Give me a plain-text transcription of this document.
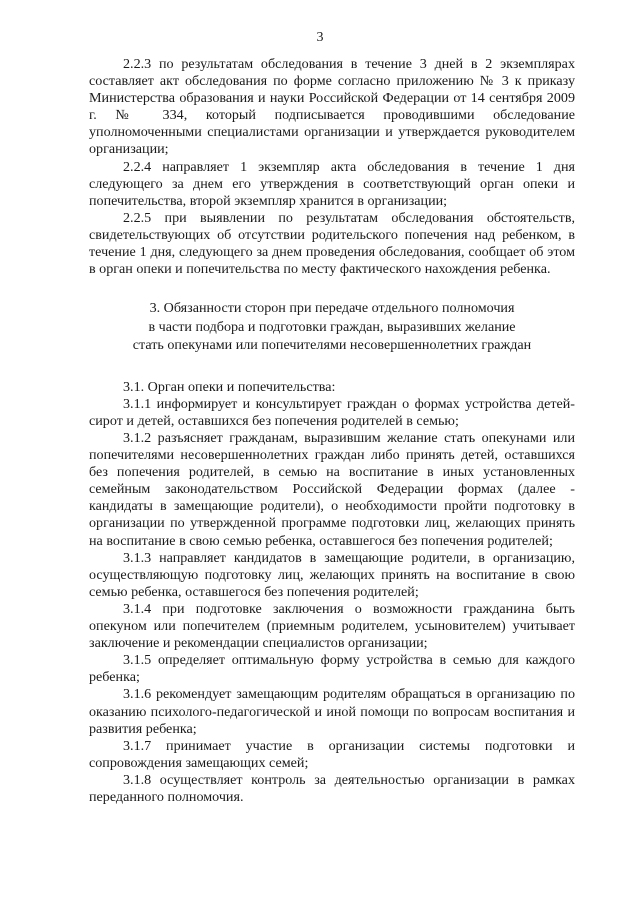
3

2.2.3 по результатам обследования в течение 3 дней в 2 экземплярах составляет акт обследования по форме согласно приложению № 3 к приказу Министерства образования и науки Российской Федерации от 14 сентября 2009 г. № 334, который подписывается проводившими обследование уполномоченными специалистами организации и утверждается руководителем организации;

2.2.4 направляет 1 экземпляр акта обследования в течение 1 дня следующего за днем его утверждения в соответствующий орган опеки и попечительства, второй экземпляр хранится в организации;

2.2.5 при выявлении по результатам обследования обстоятельств, свидетельствующих об отсутствии родительского попечения над ребенком, в течение 1 дня, следующего за днем проведения обследования, сообщает об этом в орган опеки и попечительства по месту фактического нахождения ребенка.

3. Обязанности сторон при передаче отдельного полномочия
в части подбора и подготовки граждан, выразивших желание
стать опекунами или попечителями несовершеннолетних граждан

3.1. Орган опеки и попечительства:

3.1.1 информирует и консультирует граждан о формах устройства детей-сирот и детей, оставшихся без попечения родителей в семью;

3.1.2 разъясняет гражданам, выразившим желание стать опекунами или попечителями несовершеннолетних граждан либо принять детей, оставшихся без попечения родителей, в семью на воспитание в иных установленных семейным законодательством Российской Федерации формах (далее - кандидаты в замещающие родители), о необходимости пройти подготовку в организации по утвержденной программе подготовки лиц, желающих принять на воспитание в свою семью ребенка, оставшегося без попечения родителей;

3.1.3 направляет кандидатов в замещающие родители, в организацию, осуществляющую подготовку лиц, желающих принять на воспитание в свою семью ребенка, оставшегося без попечения родителей;

3.1.4 при подготовке заключения о возможности гражданина быть опекуном или попечителем (приемным родителем, усыновителем) учитывает заключение и рекомендации специалистов организации;

3.1.5 определяет оптимальную форму устройства в семью для каждого ребенка;

3.1.6 рекомендует замещающим родителям обращаться в организацию по оказанию психолого-педагогической и иной помощи по вопросам воспитания и развития ребенка;

3.1.7 принимает участие в организации системы подготовки и сопровождения замещающих семей;

3.1.8 осуществляет контроль за деятельностью организации в рамках переданного полномочия.
